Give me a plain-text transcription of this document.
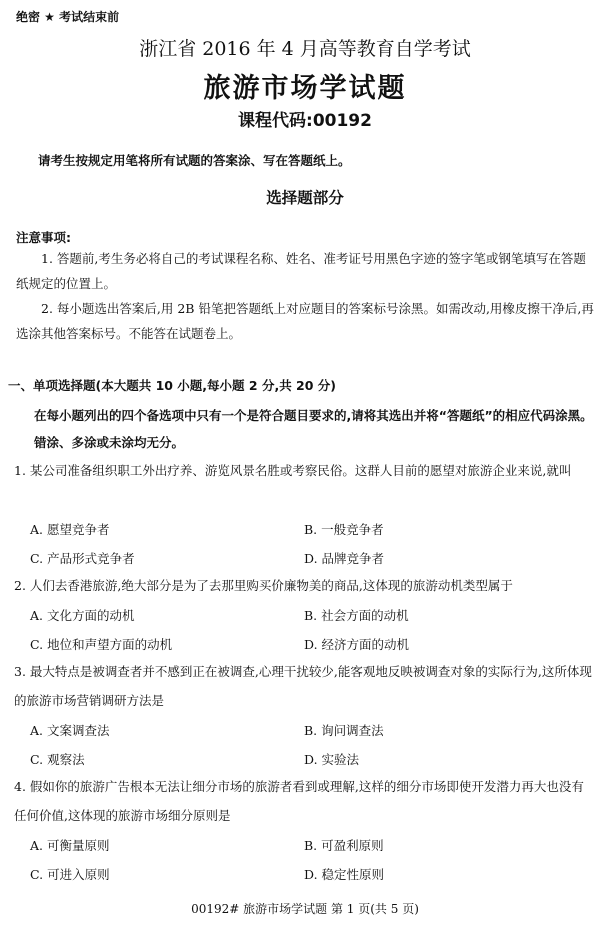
绝密 ★ 考试结束前
浙江省 2016 年 4 月高等教育自学考试
旅游市场学试题
课程代码:00192
请考生按规定用笔将所有试题的答案涂、写在答题纸上。
选择题部分
注意事项:
1. 答题前,考生务必将自己的考试课程名称、姓名、准考证号用黑色字迹的签字笔或钢笔填写在答题纸规定的位置上。
2. 每小题选出答案后,用 2B 铅笔把答题纸上对应题目的答案标号涂黑。如需改动,用橡皮擦干净后,再选涂其他答案标号。不能答在试题卷上。
一、单项选择题(本大题共 10 小题,每小题 2 分,共 20 分)
在每小题列出的四个备选项中只有一个是符合题目要求的,请将其选出并将“答题纸”的相应代码涂黑。错涂、多涂或未涂均无分。
1. 某公司准备组织职工外出疗养、游览风景名胜或考察民俗。这群人目前的愿望对旅游企业来说,就叫
A. 愿望竞争者	B. 一般竞争者
C. 产品形式竞争者	D. 品牌竞争者
2. 人们去香港旅游,绝大部分是为了去那里购买价廉物美的商品,这体现的旅游动机类型属于
A. 文化方面的动机	B. 社会方面的动机
C. 地位和声望方面的动机	D. 经济方面的动机
3. 最大特点是被调查者并不感到正在被调查,心理干扰较少,能客观地反映被调查对象的实际行为,这所体现的旅游市场营销调研方法是
A. 文案调查法	B. 询问调查法
C. 观察法	D. 实验法
4. 假如你的旅游广告根本无法让细分市场的旅游者看到或理解,这样的细分市场即使开发潜力再大也没有任何价值,这体现的旅游市场细分原则是
A. 可衡量原则	B. 可盈利原则
C. 可进入原则	D. 稳定性原则
00192# 旅游市场学试题 第 1 页(共 5 页)
